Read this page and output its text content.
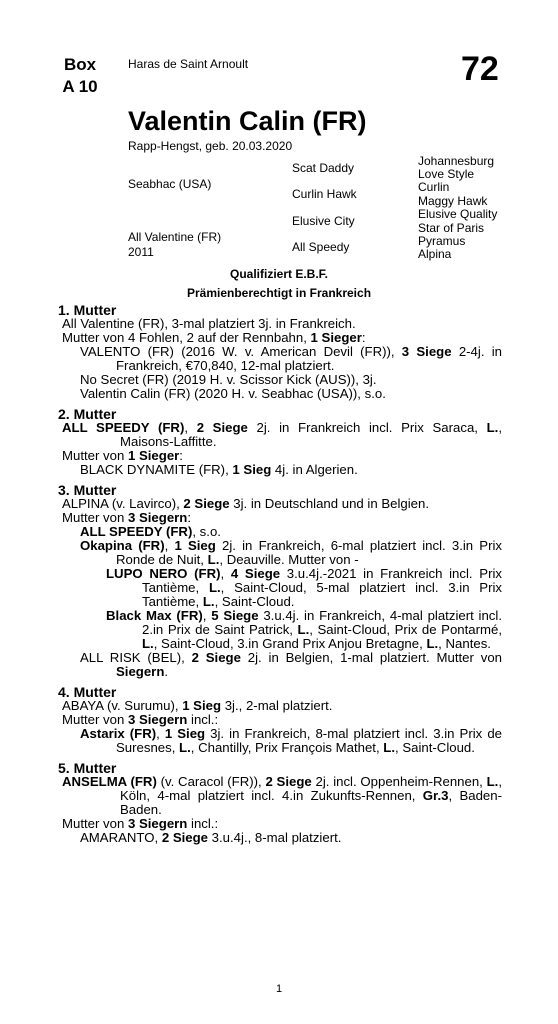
Box
A 10
Haras de Saint Arnoult	72
Valentin Calin (FR)
Rapp-Hengst, geb. 20.03.2020
Seabhac (USA)
All Valentine (FR)
2011
Scat Daddy
Curlin Hawk
Elusive City
All Speedy
Johannesburg
Love Style
Curlin
Maggy Hawk
Elusive Quality
Star of Paris
Pyramus
Alpina
Qualifiziert E.B.F.
Prämienberechtigt in Frankreich
1. Mutter
All Valentine (FR), 3-mal platziert 3j. in Frankreich.
Mutter von 4 Fohlen, 2 auf der Rennbahn, 1 Sieger:
VALENTO (FR) (2016 W. v. American Devil (FR)), 3 Siege 2-4j. in Frankreich, €70,840, 12-mal platziert.
No Secret (FR) (2019 H. v. Scissor Kick (AUS)), 3j.
Valentin Calin (FR) (2020 H. v. Seabhac (USA)), s.o.
2. Mutter
ALL SPEEDY (FR), 2 Siege 2j. in Frankreich incl. Prix Saraca, L., Maisons-Laffitte.
Mutter von 1 Sieger:
BLACK DYNAMITE (FR), 1 Sieg 4j. in Algerien.
3. Mutter
ALPINA (v. Lavirco), 2 Siege 3j. in Deutschland und in Belgien.
Mutter von 3 Siegern:
ALL SPEEDY (FR), s.o.
Okapina (FR), 1 Sieg 2j. in Frankreich, 6-mal platziert incl. 3.in Prix Ronde de Nuit, L., Deauville. Mutter von -
LUPO NERO (FR), 4 Siege 3.u.4j.-2021 in Frankreich incl. Prix Tantième, L., Saint-Cloud, 5-mal platziert incl. 3.in Prix Tantième, L., Saint-Cloud.
Black Max (FR), 5 Siege 3.u.4j. in Frankreich, 4-mal platziert incl. 2.in Prix de Saint Patrick, L., Saint-Cloud, Prix de Pontarmé, L., Saint-Cloud, 3.in Grand Prix Anjou Bretagne, L., Nantes.
ALL RISK (BEL), 2 Siege 2j. in Belgien, 1-mal platziert. Mutter von Siegern.
4. Mutter
ABAYA (v. Surumu), 1 Sieg 3j., 2-mal platziert.
Mutter von 3 Siegern incl.:
Astarix (FR), 1 Sieg 3j. in Frankreich, 8-mal platziert incl. 3.in Prix de Suresnes, L., Chantilly, Prix François Mathet, L., Saint-Cloud.
5. Mutter
ANSELMA (FR) (v. Caracol (FR)), 2 Siege 2j. incl. Oppenheim-Rennen, L., Köln, 4-mal platziert incl. 4.in Zukunfts-Rennen, Gr.3, Baden-Baden.
Mutter von 3 Siegern incl.:
AMARANTO, 2 Siege 3.u.4j., 8-mal platziert.
1
